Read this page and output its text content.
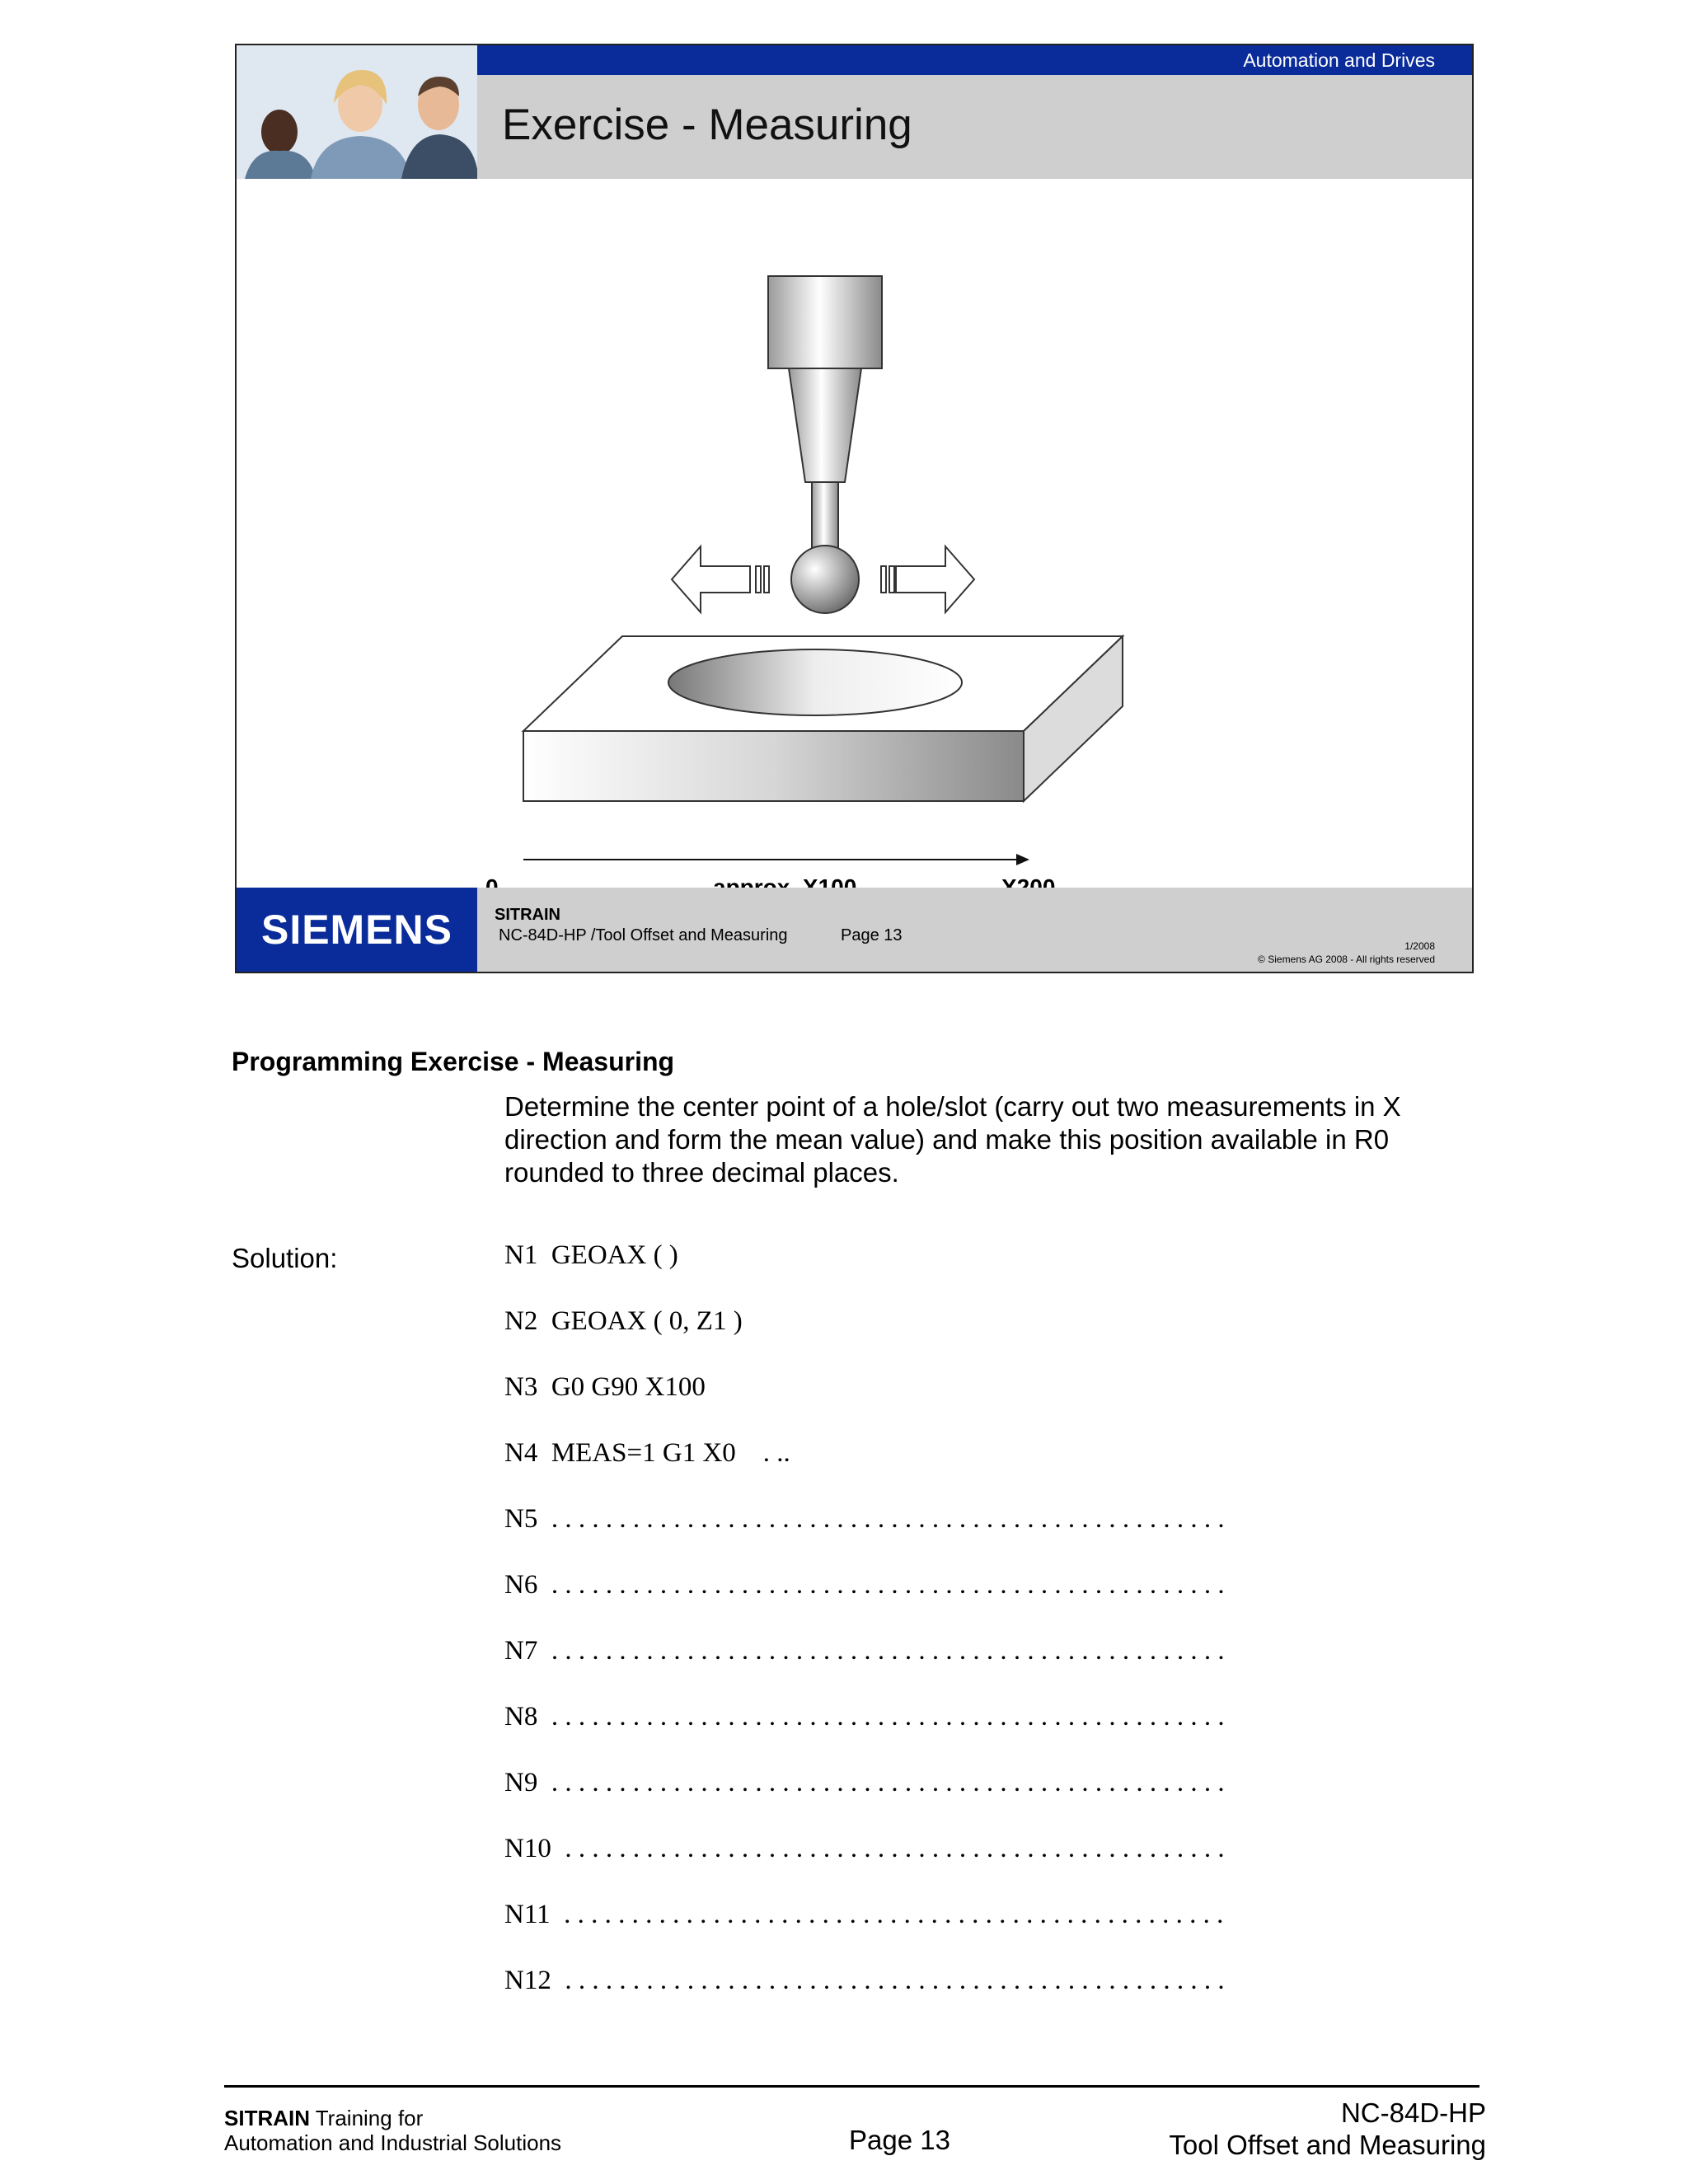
Automation and Drives
Exercise - Measuring
SIEMENS	SITRAIN
NC-84D-HP /Tool Offset and Measuring	Page 13
1/2008
© Siemens AG 2008 - All rights reserved
Programming Exercise - Measuring
Determine the center point of a hole/slot (carry out two measurements in X direction and form the mean value) and make this position available in R0 rounded to three decimal places.
Solution:	N1  GEOAX ( )
N2  GEOAX ( 0, Z1 )
N3  G0 G90 X100
N4  MEAS=1 G1 X0    . ..
N5  . . . . . . . . . . . . . . . . . . . . . . . . . . . . . . . . . . . . . . . . . . . . . . . . . .
N6  . . . . . . . . . . . . . . . . . . . . . . . . . . . . . . . . . . . . . . . . . . . . . . . . . .
N7  . . . . . . . . . . . . . . . . . . . . . . . . . . . . . . . . . . . . . . . . . . . . . . . . . .
N8  . . . . . . . . . . . . . . . . . . . . . . . . . . . . . . . . . . . . . . . . . . . . . . . . . .
N9  . . . . . . . . . . . . . . . . . . . . . . . . . . . . . . . . . . . . . . . . . . . . . . . . . .
N10  . . . . . . . . . . . . . . . . . . . . . . . . . . . . . . . . . . . . . . . . . . . . . . . . .
N11  . . . . . . . . . . . . . . . . . . . . . . . . . . . . . . . . . . . . . . . . . . . . . . . . .
N12  . . . . . . . . . . . . . . . . . . . . . . . . . . . . . . . . . . . . . . . . . . . . . . . . .
SITRAIN Training for
Automation and Industrial Solutions	Page 13
NC-84D-HP
Tool Offset and Measuring
